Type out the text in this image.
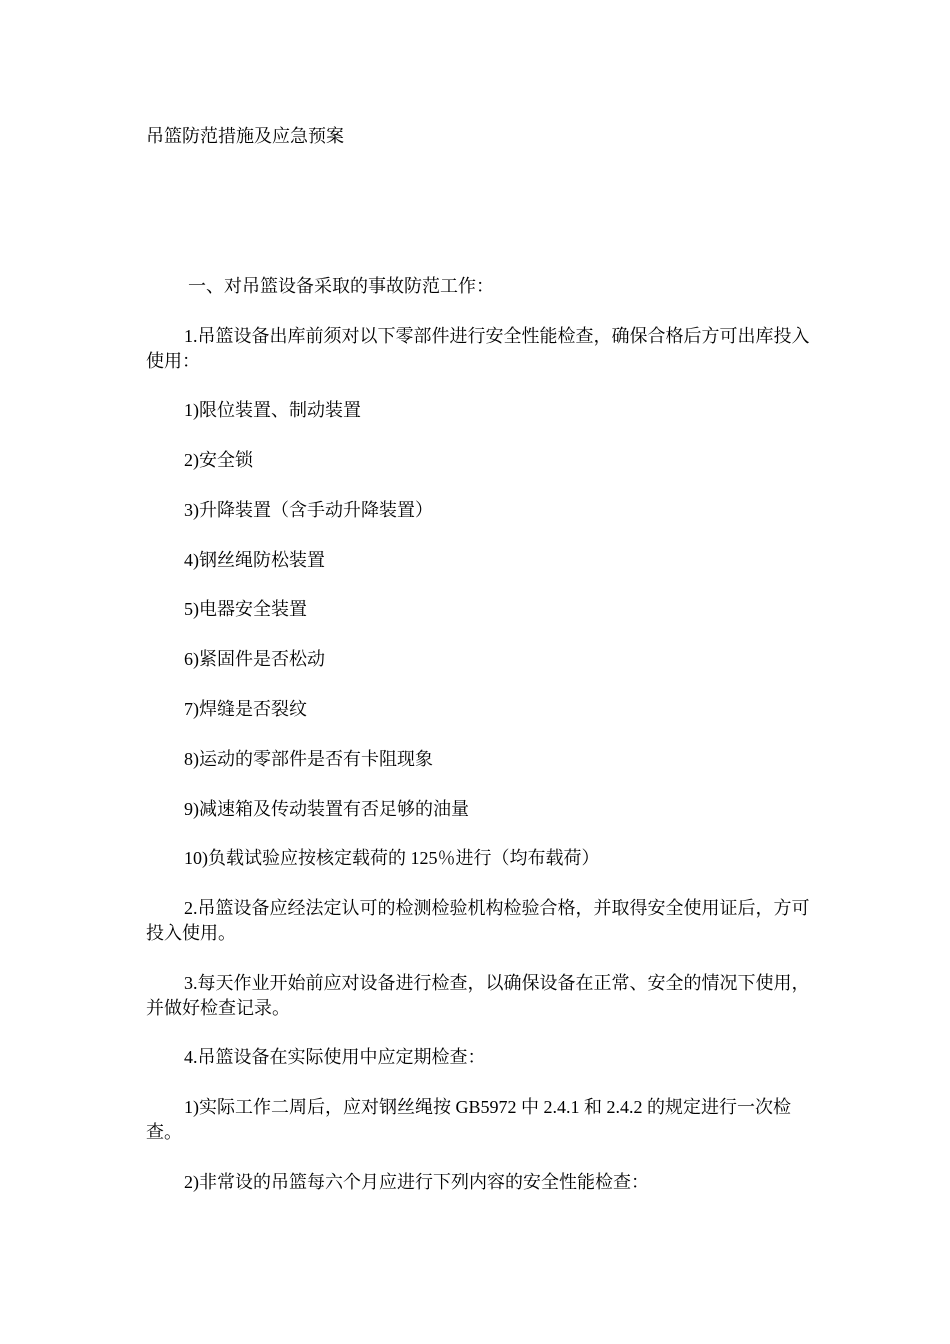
吊篮防范措施及应急预案

一、对吊篮设备采取的事故防范工作：

1.吊篮设备出库前须对以下零部件进行安全性能检查，确保合格后方可出库投入使用：

1)限位装置、制动装置

2)安全锁

3)升降装置（含手动升降装置）

4)钢丝绳防松装置

5)电器安全装置

6)紧固件是否松动

7)焊缝是否裂纹

8)运动的零部件是否有卡阻现象

9)减速箱及传动装置有否足够的油量

10)负载试验应按核定载荷的 125％进行（均布载荷）

2.吊篮设备应经法定认可的检测检验机构检验合格，并取得安全使用证后，方可投入使用。

3.每天作业开始前应对设备进行检查，以确保设备在正常、安全的情况下使用，并做好检查记录。

4.吊篮设备在实际使用中应定期检查：

1)实际工作二周后，应对钢丝绳按 GB5972 中 2.4.1 和 2.4.2 的规定进行一次检查。

2)非常设的吊篮每六个月应进行下列内容的安全性能检查：
